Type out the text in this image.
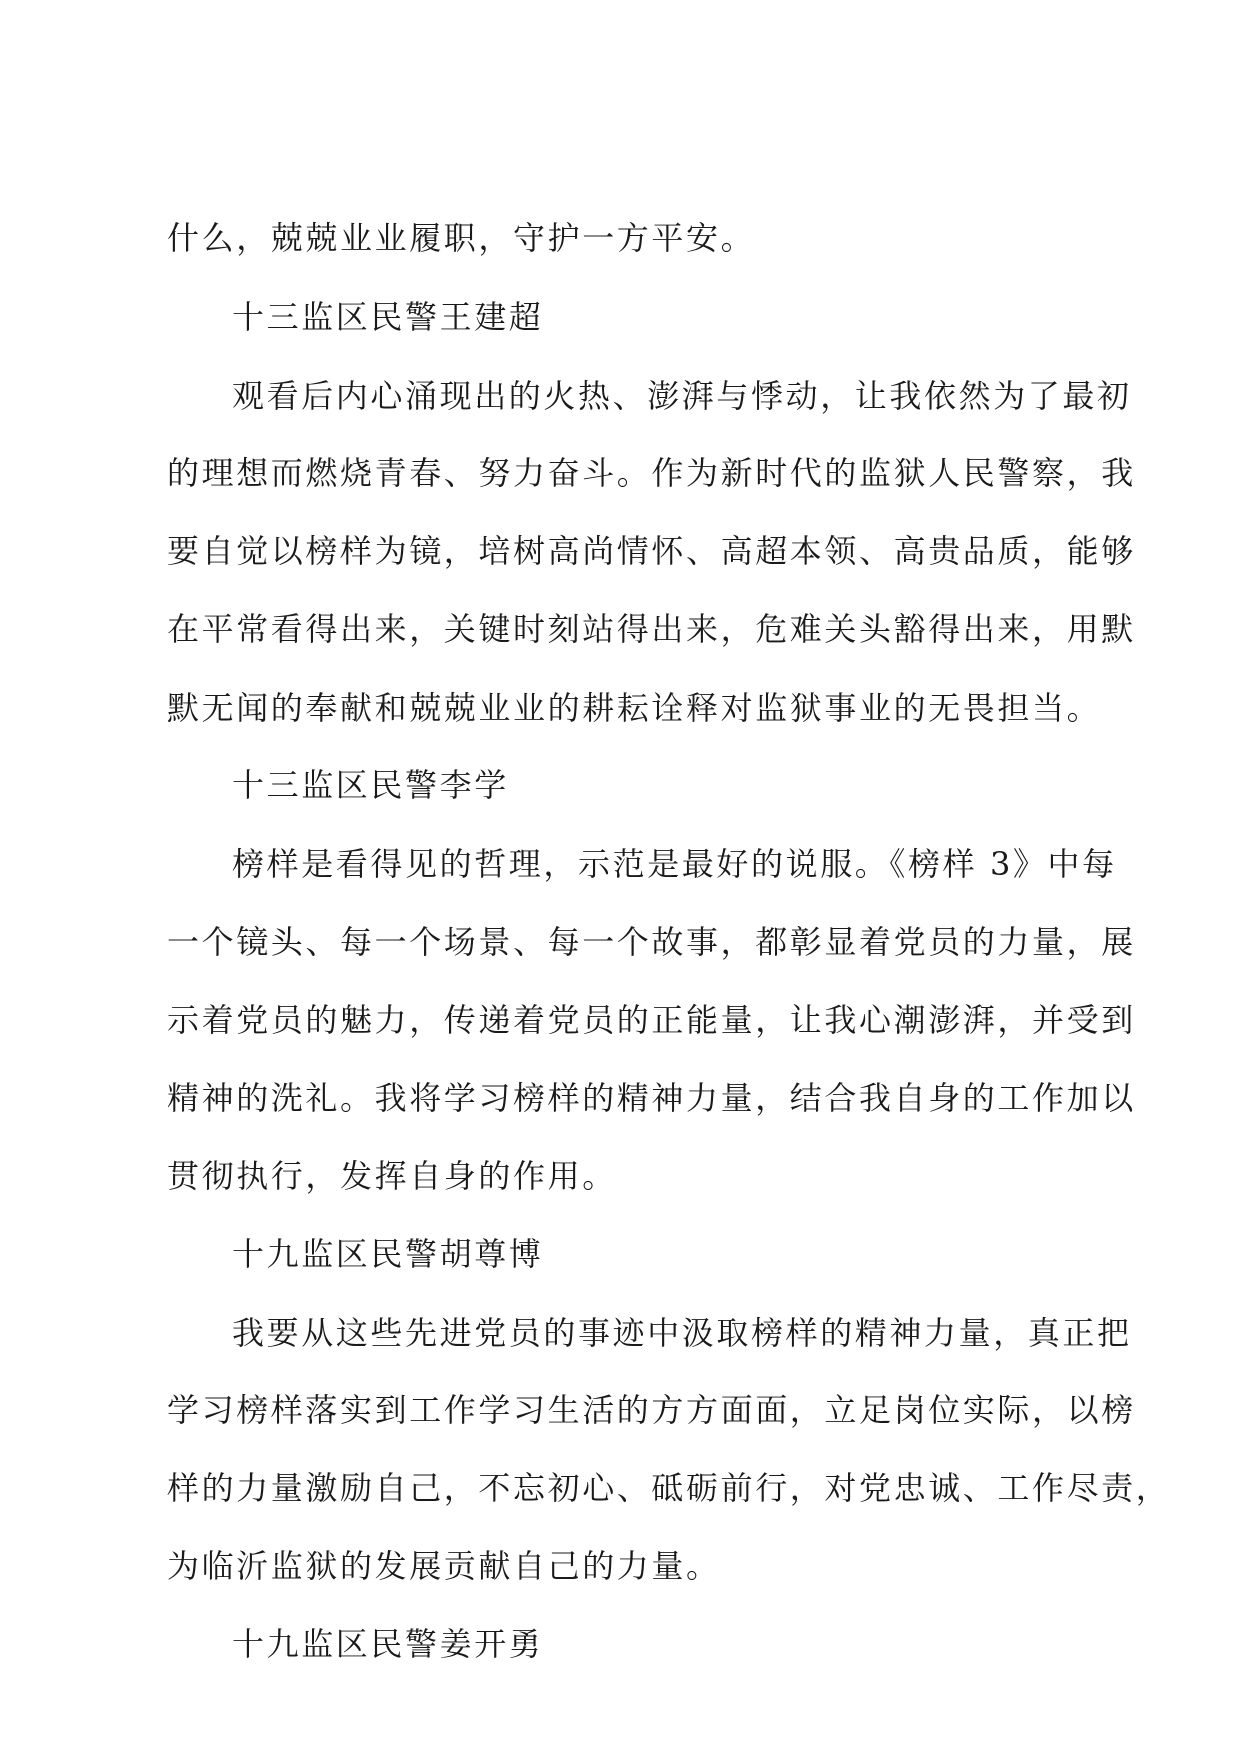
什么，兢兢业业履职，守护一方平安。
十三监区民警王建超
观看后内心涌现出的火热、澎湃与悸动，让我依然为了最初
的理想而燃烧青春、努力奋斗。作为新时代的监狱人民警察，我
要自觉以榜样为镜，培树高尚情怀、高超本领、高贵品质，能够
在平常看得出来，关键时刻站得出来，危难关头豁得出来，用默
默无闻的奉献和兢兢业业的耕耘诠释对监狱事业的无畏担当。
十三监区民警李学
榜样是看得见的哲理，示范是最好的说服。《榜样 3》中每
一个镜头、每一个场景、每一个故事，都彰显着党员的力量，展
示着党员的魅力，传递着党员的正能量，让我心潮澎湃，并受到
精神的洗礼。我将学习榜样的精神力量，结合我自身的工作加以
贯彻执行，发挥自身的作用。
十九监区民警胡尊博
我要从这些先进党员的事迹中汲取榜样的精神力量，真正把
学习榜样落实到工作学习生活的方方面面，立足岗位实际，以榜
样的力量激励自己，不忘初心、砥砺前行，对党忠诚、工作尽责，
为临沂监狱的发展贡献自己的力量。
十九监区民警姜开勇
